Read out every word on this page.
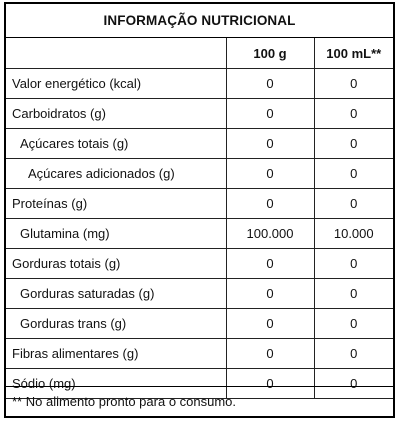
INFORMAÇÃO NUTRICIONAL
	100 g	100 mL**
Valor energético (kcal)	0	0
Carboidratos (g)	0	0
Açúcares totais (g)	0	0
Açúcares adicionados (g)	0	0
Proteínas (g)	0	0
Glutamina (mg)	100.000	10.000
Gorduras totais (g)	0	0
Gorduras saturadas (g)	0	0
Gorduras trans (g)	0	0
Fibras alimentares (g)	0	0
Sódio (mg)	0	0
** No alimento pronto para o consumo.
